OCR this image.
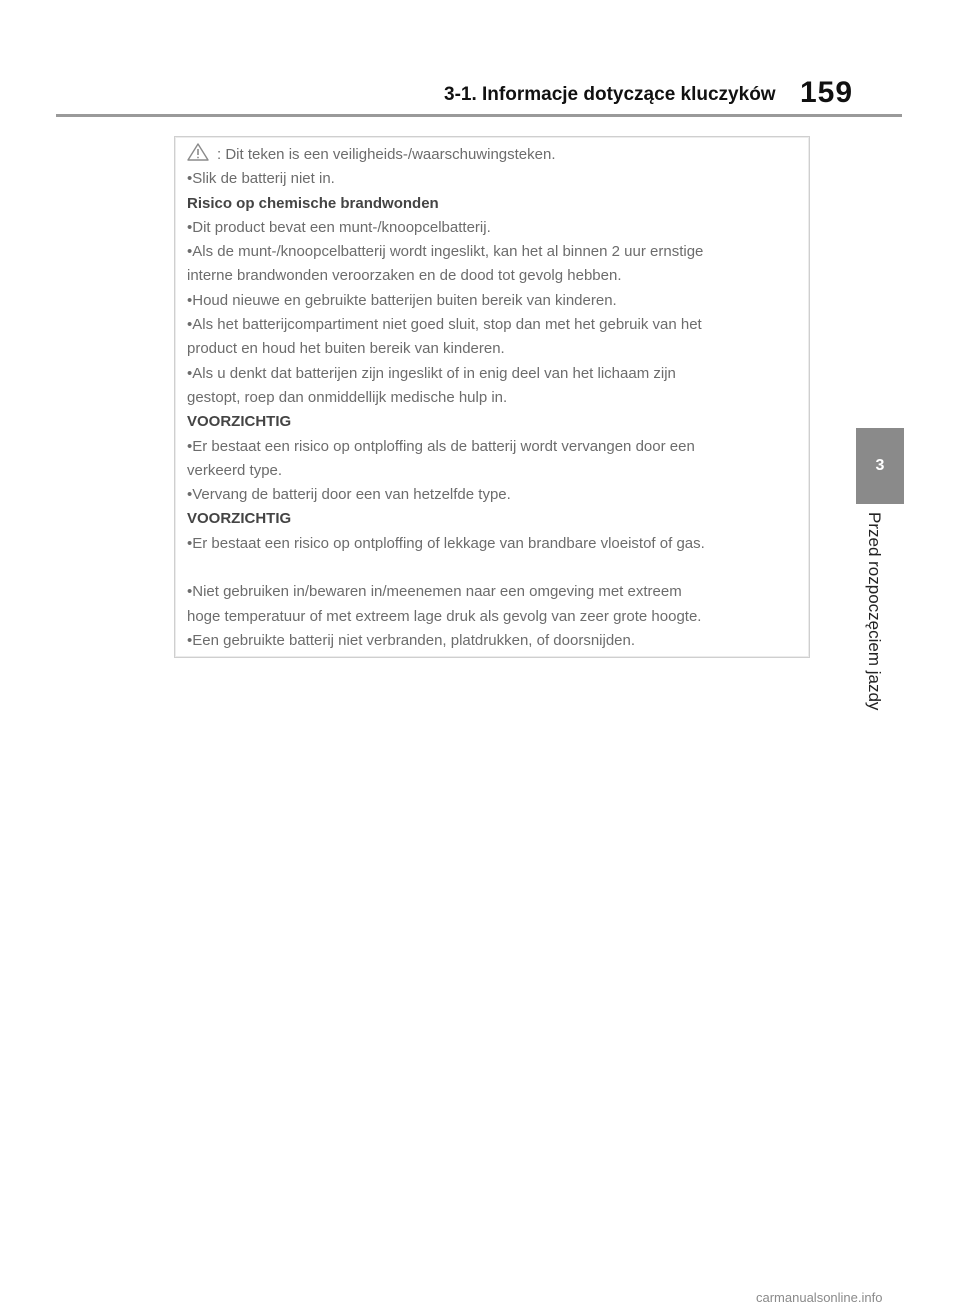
3-1. Informacje dotyczące kluczyków 159
: Dit teken is een veiligheids-/waarschuwingsteken.
•Slik de batterij niet in.
Risico op chemische brandwonden
•Dit product bevat een munt-/knoopcelbatterij.
•Als de munt-/knoopcelbatterij wordt ingeslikt, kan het al binnen 2 uur ernstige
interne brandwonden veroorzaken en de dood tot gevolg hebben.
•Houd nieuwe en gebruikte batterijen buiten bereik van kinderen.
•Als het batterijcompartiment niet goed sluit, stop dan met het gebruik van het
product en houd het buiten bereik van kinderen.
•Als u denkt dat batterijen zijn ingeslikt of in enig deel van het lichaam zijn
gestopt, roep dan onmiddellijk medische hulp in.
VOORZICHTIG
•Er bestaat een risico op ontploffing als de batterij wordt vervangen door een
verkeerd type.
•Vervang de batterij door een van hetzelfde type.
VOORZICHTIG
•Er bestaat een risico op ontploffing of lekkage van brandbare vloeistof of gas.
•Niet gebruiken in/bewaren in/meenemen naar een omgeving met extreem
hoge temperatuur of met extreem lage druk als gevolg van zeer grote hoogte.
•Een gebruikte batterij niet verbranden, platdrukken, of doorsnijden.
3
Przed rozpoczęciem jazdy
carmanualsonline.info
